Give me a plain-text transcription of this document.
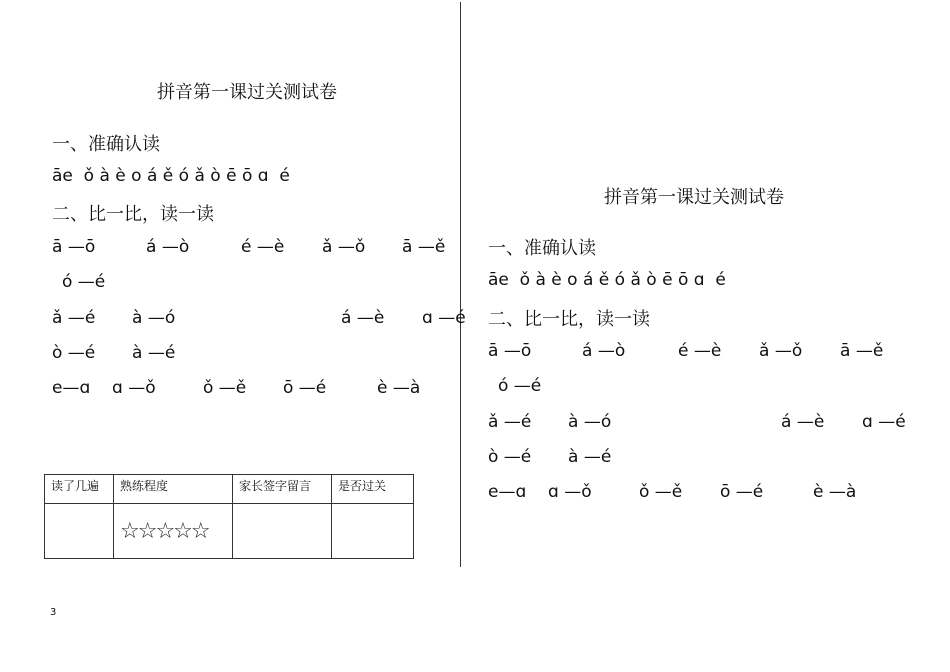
拼音第一课过关测试卷
一、准确认读
āe  ǒ à è o á ě ó ǎ ò ē ō ɑ  é
二、比一比，读一读
ā —ō	á —ò	é —è ǎ —ǒ ā —ě
ó —é
ǎ —é à —ó	á —è ɑ —é
ò —é à —é
e—ɑ ɑ —ǒ	ǒ —ě ō —é	è —à
读了几遍	熟练程度	家长签字留言	是否过关
	☆☆☆☆☆		
3
拼音第一课过关测试卷
一、准确认读
āe  ǒ à è o á ě ó ǎ ò ē ō ɑ  é
二、比一比，读一读
ā —ō	á —ò	é —è ǎ —ǒ ā —ě
ó —é
ǎ —é à —ó	á —è ɑ —é
ò —é à —é
e—ɑ ɑ —ǒ	ǒ —ě ō —é	è —à
